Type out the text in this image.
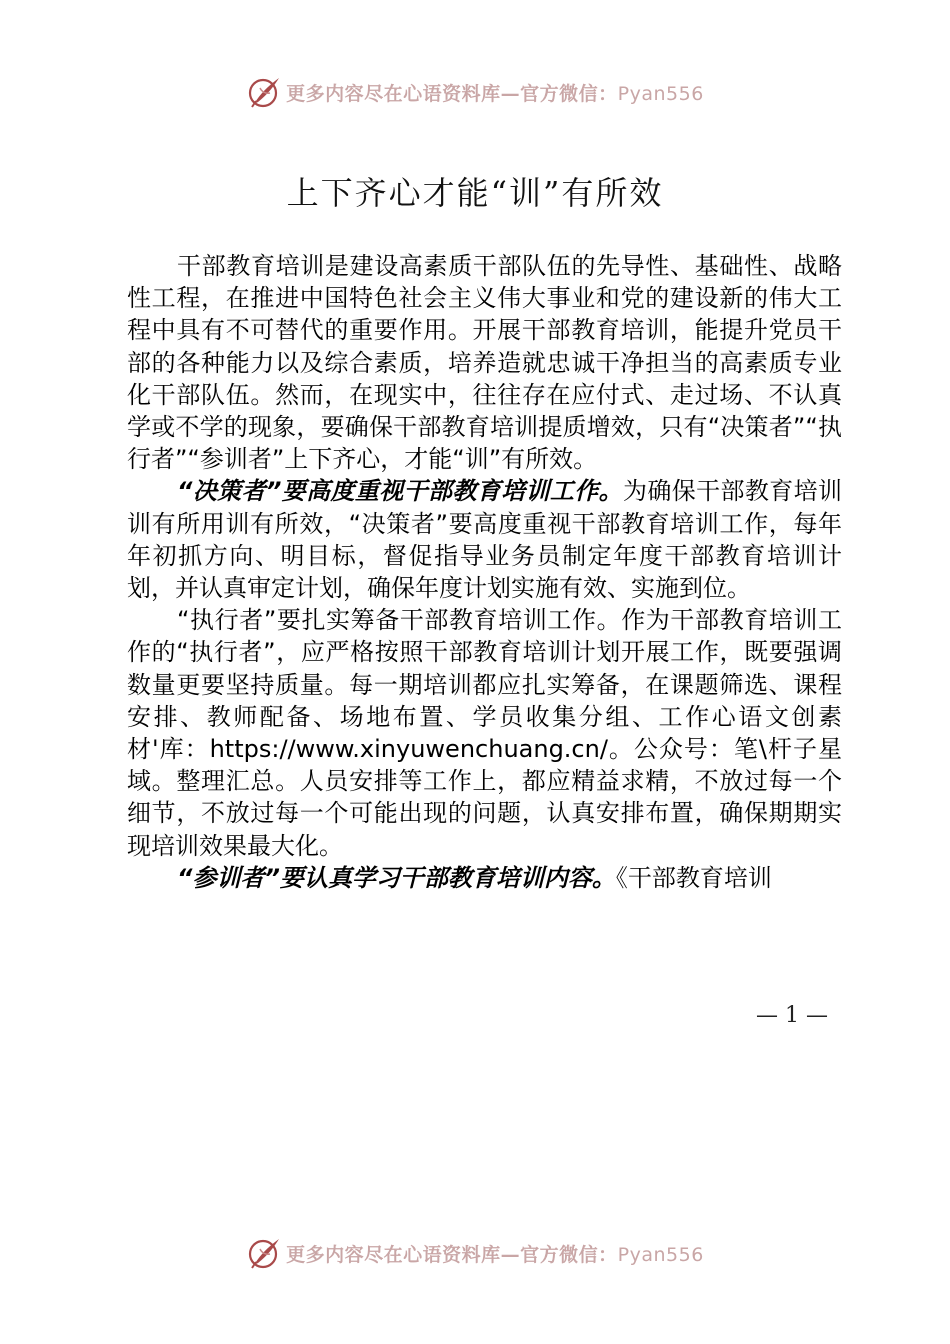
更多内容尽在心语资料库—官方微信：Pyan556
上下齐心才能“训”有所效

干部教育培训是建设高素质干部队伍的先导性、基础性、战略性工程，在推进中国特色社会主义伟大事业和党的建设新的伟大工程中具有不可替代的重要作用。开展干部教育培训，能提升党员干部的各种能力以及综合素质，培养造就忠诚干净担当的高素质专业化干部队伍。然而，在现实中，往往存在应付式、走过场、不认真学或不学的现象，要确保干部教育培训提质增效，只有“决策者”“执行者”“参训者”上下齐心，才能“训”有所效。

“决策者”要高度重视干部教育培训工作。为确保干部教育培训训有所用训有所效，“决策者”要高度重视干部教育培训工作，每年年初抓方向、明目标，督促指导业务员制定年度干部教育培训计划，并认真审定计划，确保年度计划实施有效、实施到位。

“执行者”要扎实筹备干部教育培训工作。作为干部教育培训工作的“执行者”，应严格按照干部教育培训计划开展工作，既要强调数量更要坚持质量。每一期培训都应扎实筹备，在课题筛选、课程安排、教师配备、场地布置、学员收集分组、工作心语文创素材'库：https://www.xinyuwenchuang.cn/。公众号：笔\杆子星域。整理汇总。人员安排等工作上，都应精益求精，不放过每一个细节，不放过每一个可能出现的问题，认真安排布置，确保期期实现培训效果最大化。

“参训者”要认真学习干部教育培训内容。《干部教育培训

— 1 —
更多内容尽在心语资料库—官方微信：Pyan556
